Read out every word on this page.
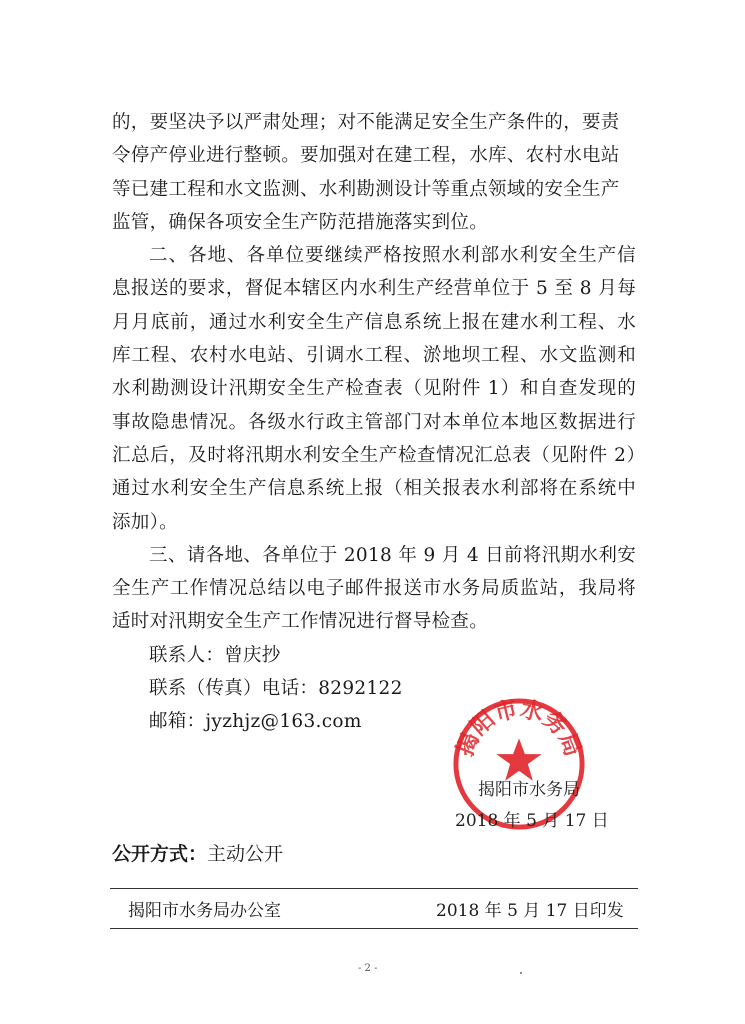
的，要坚决予以严肃处理；对不能满足安全生产条件的，要责

令停产停业进行整顿。要加强对在建工程，水库、农村水电站

等已建工程和水文监测、水利勘测设计等重点领域的安全生产

监管，确保各项安全生产防范措施落实到位。

二、各地、各单位要继续严格按照水利部水利安全生产信息报送的要求，督促本辖区内水利生产经营单位于 5 至 8 月每月月底前，通过水利安全生产信息系统上报在建水利工程、水库工程、农村水电站、引调水工程、淤地坝工程、水文监测和水利勘测设计汛期安全生产检查表（见附件 1）和自查发现的事故隐患情况。各级水行政主管部门对本单位本地区数据进行汇总后，及时将汛期水利安全生产检查情况汇总表（见附件 2）通过水利安全生产信息系统上报（相关报表水利部将在系统中添加）。

三、请各地、各单位于 2018 年 9 月 4 日前将汛期水利安全生产工作情况总结以电子邮件报送市水务局质监站，我局将适时对汛期安全生产工作情况进行督导检查。

联系人：曾庆抄

联系（传真）电话：8292122

邮箱：jyzhjz@163.com

揭阳市水务局
揭阳市水务局
2018 年 5 月 17 日
公开方式：主动公开
揭阳市水务局办公室	2018 年 5 月 17 日印发
- 2 -
